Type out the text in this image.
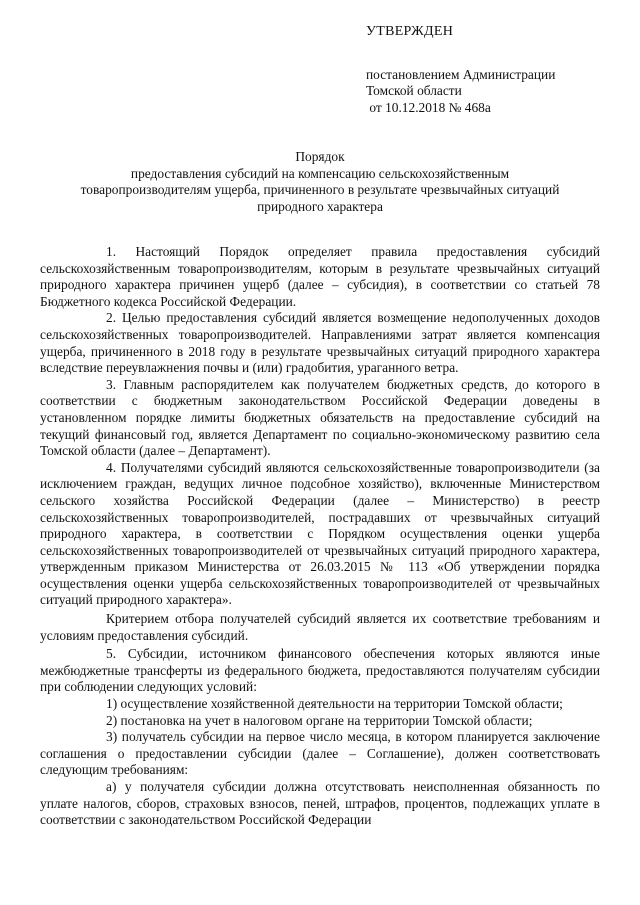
УТВЕРЖДЕН
постановлением Администрации
Томской области
от 10.12.2018 № 468а
Порядок
предоставления субсидий на компенсацию сельскохозяйственным
товаропроизводителям ущерба, причиненного в результате чрезвычайных ситуаций
природного характера

1. Настоящий Порядок определяет правила предоставления субсидий сельскохозяйственным товаропроизводителям, которым в результате чрезвычайных ситуаций природного характера причинен ущерб (далее – субсидия), в соответствии со статьей 78 Бюджетного кодекса Российской Федерации.

2. Целью предоставления субсидий является возмещение недополученных доходов сельскохозяйственных товаропроизводителей. Направлениями затрат является компенсация ущерба, причиненного в 2018 году в результате чрезвычайных ситуаций природного характера вследствие переувлажнения почвы и (или) градобития, ураганного ветра.

3. Главным распорядителем как получателем бюджетных средств, до которого в соответствии с бюджетным законодательством Российской Федерации доведены в установленном порядке лимиты бюджетных обязательств на предоставление субсидий на текущий финансовый год, является Департамент по социально-экономическому развитию села Томской области (далее – Департамент).

4. Получателями субсидий являются сельскохозяйственные товаропроизводители (за исключением граждан, ведущих личное подсобное хозяйство), включенные Министерством сельского хозяйства Российской Федерации (далее – Министерство) в реестр сельскохозяйственных товаропроизводителей, пострадавших от чрезвычайных ситуаций природного характера, в соответствии с Порядком осуществления оценки ущерба сельскохозяйственных товаропроизводителей от чрезвычайных ситуаций природного характера, утвержденным приказом Министерства от 26.03.2015 № 113 «Об утверждении порядка осуществления оценки ущерба сельскохозяйственных товаропроизводителей от чрезвычайных ситуаций природного характера».

Критерием отбора получателей субсидий является их соответствие требованиям и условиям предоставления субсидий.

5. Субсидии, источником финансового обеспечения которых являются иные межбюджетные трансферты из федерального бюджета, предоставляются получателям субсидии при соблюдении следующих условий:

1) осуществление хозяйственной деятельности на территории Томской области;

2) постановка на учет в налоговом органе на территории Томской области;

3) получатель субсидии на первое число месяца, в котором планируется заключение соглашения о предоставлении субсидии (далее – Соглашение), должен соответствовать следующим требованиям:

а) у получателя субсидии должна отсутствовать неисполненная обязанность по уплате налогов, сборов, страховых взносов, пеней, штрафов, процентов, подлежащих уплате в соответствии с законодательством Российской Федерации
